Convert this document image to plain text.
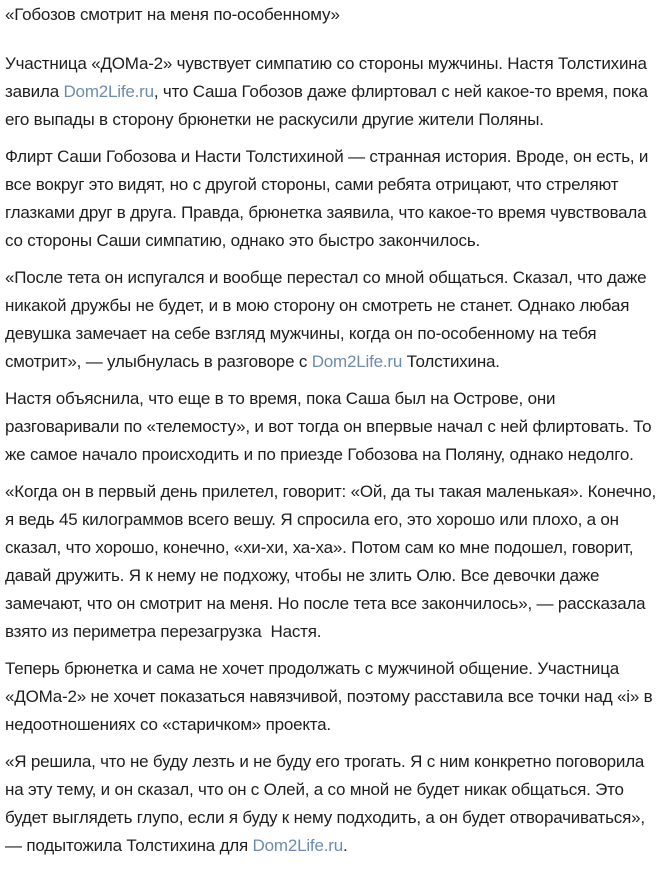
«Гобозов смотрит на меня по-особенному»

Участница «ДОМа-2» чувствует симпатию со стороны мужчины. Настя Толстихина завила Dom2Life.ru, что Саша Гобозов даже флиртовал с ней какое-то время, пока его выпады в сторону брюнетки не раскусили другие жители Поляны.

Флирт Саши Гобозова и Насти Толстихиной — странная история. Вроде, он есть, и все вокруг это видят, но с другой стороны, сами ребята отрицают, что стреляют глазками друг в друга. Правда, брюнетка заявила, что какое-то время чувствовала со стороны Саши симпатию, однако это быстро закончилось.

«После тета он испугался и вообще перестал со мной общаться. Сказал, что даже никакой дружбы не будет, и в мою сторону он смотреть не станет. Однако любая девушка замечает на себе взгляд мужчины, когда он по-особенному на тебя смотрит», — улыбнулась в разговоре с Dom2Life.ru Толстихина.

Настя объяснила, что еще в то время, пока Саша был на Острове, они разговаривали по «телемосту», и вот тогда он впервые начал с ней флиртовать. То же самое начало происходить и по приезде Гобозова на Поляну, однако недолго.

«Когда он в первый день прилетел, говорит: «Ой, да ты такая маленькая». Конечно, я ведь 45 килограммов всего вешу. Я спросила его, это хорошо или плохо, а он сказал, что хорошо, конечно, «хи-хи, ха-ха». Потом сам ко мне подошел, говорит, давай дружить. Я к нему не подхожу, чтобы не злить Олю. Все девочки даже замечают, что он смотрит на меня. Но после тета все закончилось», — рассказала взято из периметра перезагрузка  Настя.

Теперь брюнетка и сама не хочет продолжать с мужчиной общение. Участница «ДОМа-2» не хочет показаться навязчивой, поэтому расставила все точки над «i» в недоотношениях со «старичком» проекта.

«Я решила, что не буду лезть и не буду его трогать. Я с ним конкретно поговорила на эту тему, и он сказал, что он с Олей, а со мной не будет никак общаться. Это будет выглядеть глупо, если я буду к нему подходить, а он будет отворачиваться», — подытожила Толстихина для Dom2Life.ru.
